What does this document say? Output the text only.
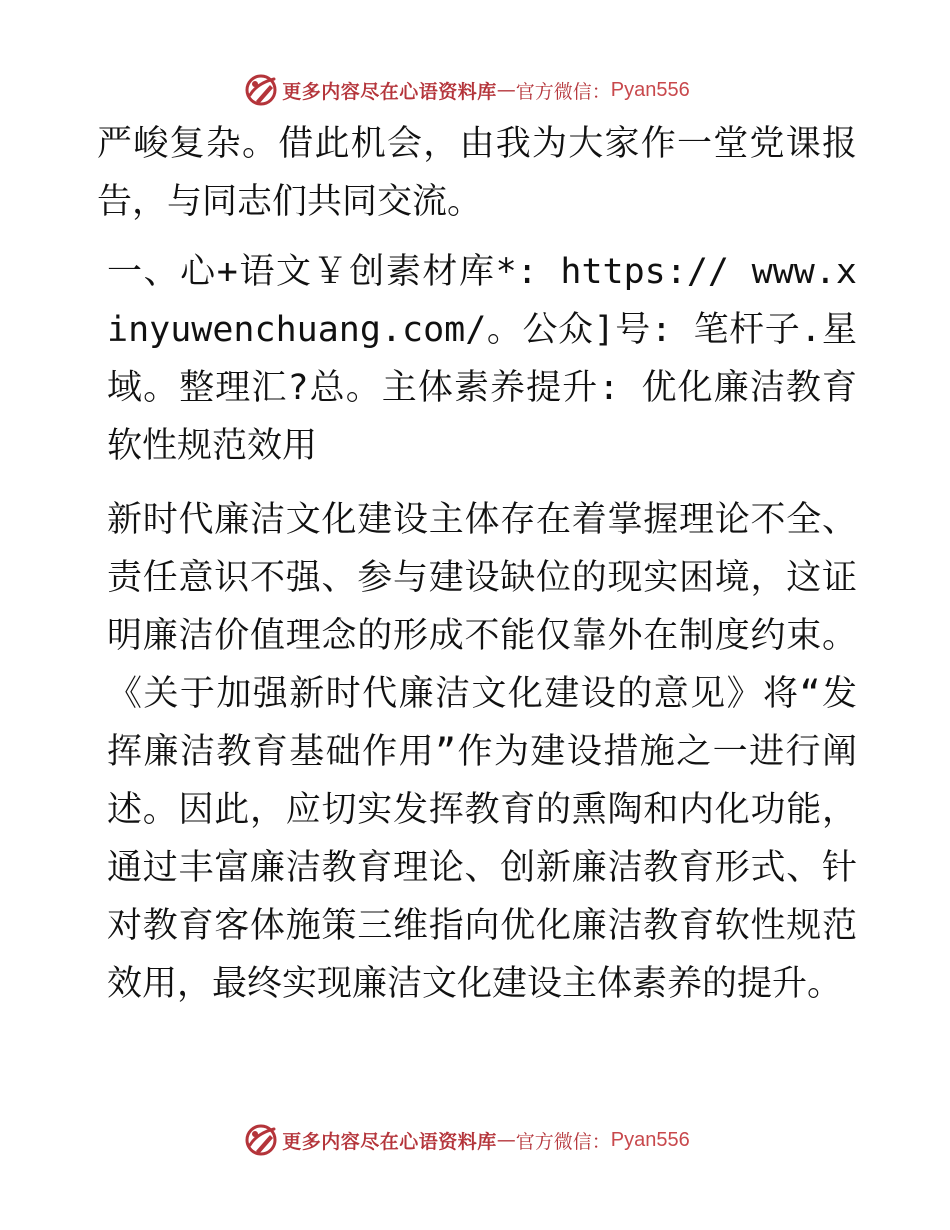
更多内容尽在心语资料库 — 官方微信： Pyan556

严峻复杂。借此机会，由我为大家作一堂党课报告，与同志们共同交流。

一、心+语文￥创素材库*: https:// www.xinyuwenchuang.com/。公众]号: 笔杆子.星域。整理汇?总。主体素养提升: 优化廉洁教育软性规范效用

新时代廉洁文化建设主体存在着掌握理论不全、责任意识不强、参与建设缺位的现实困境，这证明廉洁价值理念的形成不能仅靠外在制度约束。《关于加强新时代廉洁文化建设的意见》将“发挥廉洁教育基础作用”作为建设措施之一进行阐述。因此，应切实发挥教育的熏陶和内化功能，通过丰富廉洁教育理论、创新廉洁教育形式、针对教育客体施策三维指向优化廉洁教育软性规范效用，最终实现廉洁文化建设主体素养的提升。

更多内容尽在心语资料库 — 官方微信： Pyan556
